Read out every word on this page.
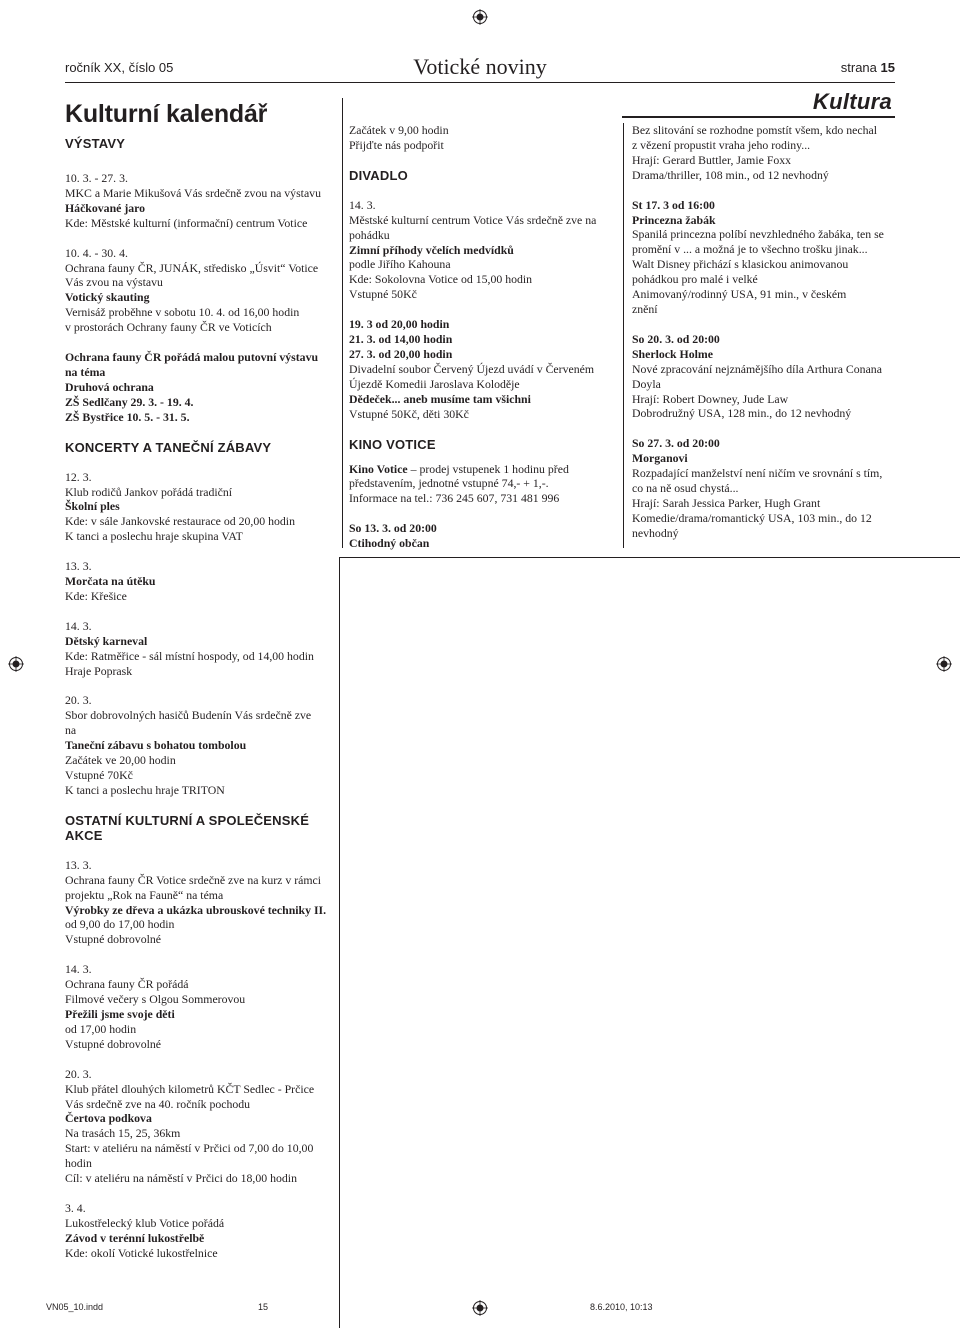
ročník XX, číslo 05	Votické noviny	strana 15
Kultura
Kulturní kalendář
VÝSTAVY
10. 3. - 27. 3.
MKC a Marie Mikušová Vás srdečně zvou na výstavu
Háčkované jaro
Kde: Městské kulturní (informační) centrum Votice
10. 4. - 30. 4.
Ochrana fauny ČR, JUNÁK, středisko „Úsvit“ Votice
Vás zvou na výstavu
Votický skauting
Vernisáž proběhne v sobotu 10. 4. od 16,00 hodin
v prostorách Ochrany fauny ČR ve Voticích
Ochrana fauny ČR pořádá malou putovní výstavu
na téma
Druhová ochrana
ZŠ Sedlčany 29. 3. - 19. 4.
ZŠ Bystřice 10. 5. - 31. 5.
KONCERTY A TANEČNÍ ZÁBAVY
12. 3.
Klub rodičů Jankov pořádá tradiční
Školní ples
Kde: v sále Jankovské restaurace od 20,00 hodin
K tanci a poslechu hraje skupina VAT
13. 3.
Morčata na útěku
Kde: Křešice
14. 3.
Dětský karneval
Kde: Ratměřice - sál místní hospody, od 14,00 hodin
Hraje Poprask
20. 3.
Sbor dobrovolných hasičů Budenín Vás srdečně zve
na
Taneční zábavu s bohatou tombolou
Začátek ve 20,00 hodin
Vstupné 70Kč
K tanci a poslechu hraje TRITON
OSTATNÍ KULTURNÍ A SPOLEČENSKÉ
AKCE
13. 3.
Ochrana fauny ČR Votice srdečně zve na kurz v rámci
projektu „Rok na Fauně“ na téma
Výrobky ze dřeva a ukázka ubrouskové techniky II.
od 9,00 do 17,00 hodin
Vstupné dobrovolné
14. 3.
Ochrana fauny ČR pořádá
Filmové večery s Olgou Sommerovou
Přežili jsme svoje děti
od 17,00 hodin
Vstupné dobrovolné
20. 3.
Klub přátel dlouhých kilometrů KČT Sedlec - Prčice
Vás srdečně zve na 40. ročník pochodu
Čertova podkova
Na trasách 15, 25, 36km
Start: v ateliéru na náměstí v Prčici od 7,00 do 10,00
hodin
Cíl: v ateliéru na náměstí v Prčici do 18,00 hodin
3. 4.
Lukostřelecký klub Votice pořádá
Závod v terénní lukostřelbě
Kde: okolí Votické lukostřelnice
Začátek v 9,00 hodin
Přijďte nás podpořit
DIVADLO
14. 3.
Městské kulturní centrum Votice Vás srdečně zve na
pohádku
Zimní příhody včelích medvídků
podle Jiřího Kahouna
Kde: Sokolovna Votice od 15,00 hodin
Vstupné 50Kč
19. 3 od 20,00 hodin
21. 3. od 14,00 hodin
27. 3. od 20,00 hodin
Divadelní soubor Červený Újezd uvádí v Červeném
Újezdě Komedii Jaroslava Koloděje
Dědeček... aneb musíme tam všichni
Vstupné 50Kč, děti 30Kč
KINO VOTICE
Kino Votice – prodej vstupenek 1 hodinu před
představením, jednotné vstupné 74,- + 1,-.
Informace na tel.: 736 245 607, 731 481 996
So 13. 3. od 20:00
Ctihodný občan
Bez slitování se rozhodne pomstít všem, kdo nechal
z vězení propustit vraha jeho rodiny...
Hrají: Gerard Buttler, Jamie Foxx
Drama/thriller, 108 min., od 12 nevhodný
St 17. 3 od 16:00
Princezna žabák
Spanilá princezna políbí nevzhledného žabáka, ten se
promění v ... a možná je to všechno trošku jinak...
Walt Disney přichází s klasickou animovanou
pohádkou pro malé i velké
Animovaný/rodinný USA, 91 min., v českém
znění
So 20. 3. od 20:00
Sherlock Holme
Nové zpracování nejznámějšího díla Arthura Conana
Doyla
Hrají: Robert Downey, Jude Law
Dobrodružný USA, 128 min., do 12 nevhodný
So 27. 3. od 20:00
Morganovi
Rozpadající manželství není ničím ve srovnání s tím,
co na ně osud chystá...
Hrají: Sarah Jessica Parker, Hugh Grant
Komedie/drama/romantický USA, 103 min., do 12
nevhodný
VN05_10.indd	15	8.6.2010, 10:13
